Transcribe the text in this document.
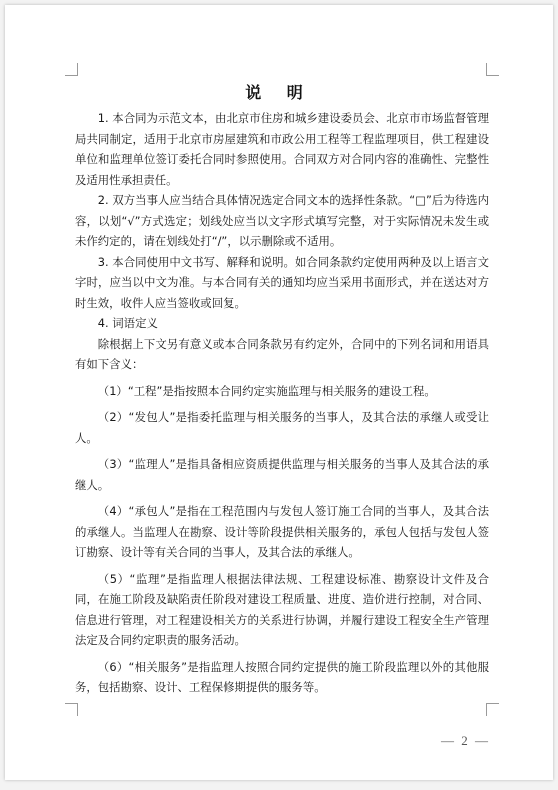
说 明

1. 本合同为示范文本，由北京市住房和城乡建设委员会、北京市市场监督管理局共同制定，适用于北京市房屋建筑和市政公用工程等工程监理项目，供工程建设单位和监理单位签订委托合同时参照使用。合同双方对合同内容的准确性、完整性及适用性承担责任。

2. 双方当事人应当结合具体情况选定合同文本的选择性条款。“□”后为待选内容，以划“√”方式选定；划线处应当以文字形式填写完整，对于实际情况未发生或未作约定的，请在划线处打“/”，以示删除或不适用。

3. 本合同使用中文书写、解释和说明。如合同条款约定使用两种及以上语言文字时，应当以中文为准。与本合同有关的通知均应当采用书面形式，并在送达对方时生效，收件人应当签收或回复。

4. 词语定义

除根据上下文另有意义或本合同条款另有约定外，合同中的下列名词和用语具有如下含义：

（1）“工程”是指按照本合同约定实施监理与相关服务的建设工程。

（2）“发包人”是指委托监理与相关服务的当事人，及其合法的承继人或受让人。

（3）“监理人”是指具备相应资质提供监理与相关服务的当事人及其合法的承继人。

（4）“承包人”是指在工程范围内与发包人签订施工合同的当事人，及其合法的承继人。当监理人在勘察、设计等阶段提供相关服务的，承包人包括与发包人签订勘察、设计等有关合同的当事人，及其合法的承继人。

（5）“监理”是指监理人根据法律法规、工程建设标准、勘察设计文件及合同，在施工阶段及缺陷责任阶段对建设工程质量、进度、造价进行控制，对合同、信息进行管理，对工程建设相关方的关系进行协调，并履行建设工程安全生产管理法定及合同约定职责的服务活动。

（6）“相关服务”是指监理人按照合同约定提供的施工阶段监理以外的其他服务，包括勘察、设计、工程保修期提供的服务等。

— 2 —
